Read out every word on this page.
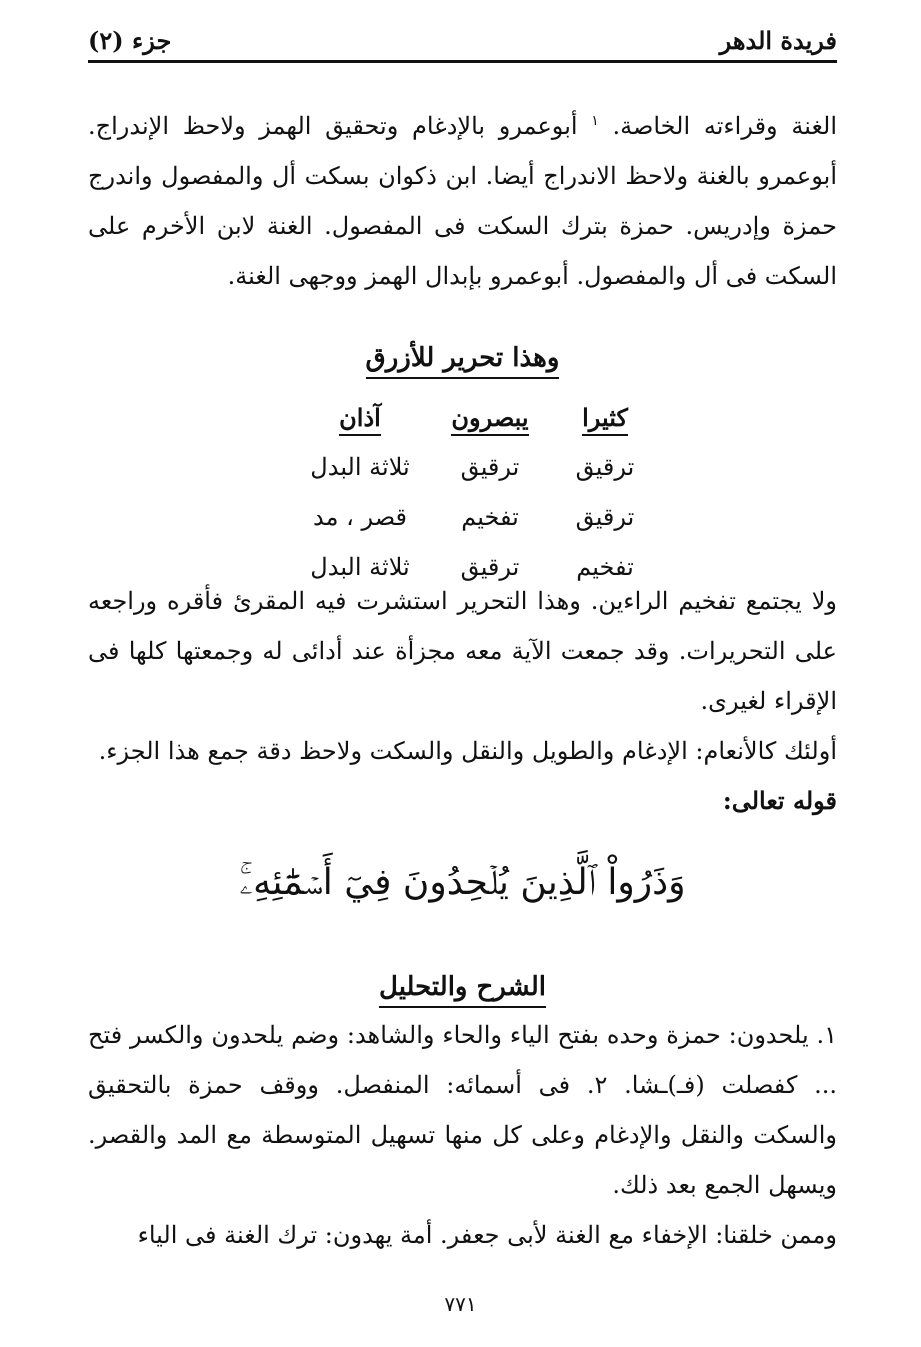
فريدة الدهر
جزء (٢)

الغنة وقراءته الخاصة. $^١$ أبوعمرو بالإدغام وتحقيق الهمز ولاحظ الإندراج. أبوعمرو بالغنة ولاحظ الاندراج أيضا. ابن ذكوان بسكت أل والمفصول واندرج حمزة وإدريس. حمزة بترك السكت فى المفصول. الغنة لابن الأخرم على السكت فى أل والمفصول. أبوعمرو بإبدال الهمز ووجهى الغنة.

وهذا تحرير للأزرق
كثيرا
يبصرون
آذان
ترقيق
ترقيق
ثلاثة البدل
ترقيق
تفخيم
قصر ، مد
تفخيم
ترقيق
ثلاثة البدل

ولا يجتمع تفخيم الراءين. وهذا التحرير استشرت فيه المقرئ فأقره وراجعه على التحريرات. وقد جمعت الآية معه مجزأة عند أدائى له وجمعتها كلها فى الإقراء لغيرى.

أولئك كالأنعام: الإدغام والطويل والنقل والسكت ولاحظ دقة جمع هذا الجزء.

قوله تعالى:

وَذَرُواْ ٱلَّذِينَ يُلۡحِدُونَ فِيٓ أَسۡمَٰٓئِهِۦۚ
الشرح والتحليل

١. يلحدون: حمزة وحده بفتح الياء والحاء والشاهد: وضم يلحدون والكسر فتح ... كفصلت (فـ)ـشا. ٢. فى أسمائه: المنفصل. ووقف حمزة بالتحقيق والسكت والنقل والإدغام وعلى كل منها تسهيل المتوسطة مع المد والقصر. ويسهل الجمع بعد ذلك.

وممن خلقنا: الإخفاء مع الغنة لأبى جعفر. أمة يهدون: ترك الغنة فى الياء

٧٧١
